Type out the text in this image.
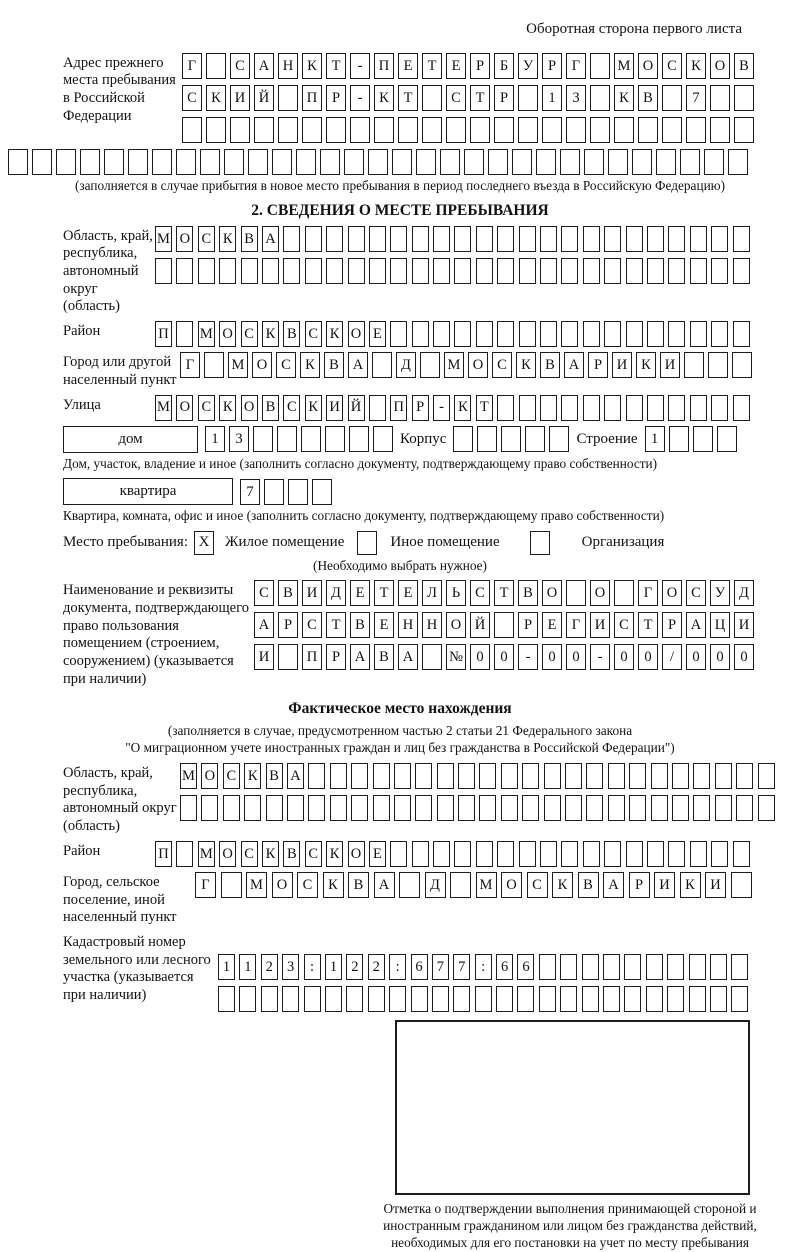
Оборотная сторона первого листа
Адрес прежнего места пребывания в Российской Федерации
Г	С А Н К	Т	-	П Е	Т	Е	Р	Б	У	Р	Г	М О С К О В
С К И Й	П	Р	-	К	Т	С	Т	Р	1	3	К В	7
(заполняется в случае прибытия в новое место пребывания в период последнего въезда в Российскую Федерацию)
2. СВЕДЕНИЯ О МЕСТЕ ПРЕБЫВАНИЯ
Область, край, республика, автономный округ (область)
М О С К В А
Район	П М О С К В С К О Е
Город или другой населенный пункт
Г	М О С К В А	Д	М О С К В А	Р	И К И
Улица	М О С К О В С К И Й П Р	- К Т
дом	1	3	Корпус	Строение 1
Дом, участок, владение и иное (заполнить согласно документу, подтверждающему право собственности)
квартира	7
Квартира, комната, офис и иное (заполнить согласно документу, подтверждающему право собственности)
Место пребывания: X	Жилое помещение	Иное помещение	Организация
(Необходимо выбрать нужное)
Наименование и реквизиты документа, подтверждающего право пользования помещением (строением, сооружением) (указывается при наличии)
С В И Д	Е	Т	Е	Л	Ь	С	Т	В О	О	Г	О С У Д
А	Р	С	Т	В	Е Н Н О Й	Р	Е	Г	И С	Т	Р	А Ц И
И	П	Р	А В А	№ 0	0	-	0	0	-	0	0	/	0	0	0
Фактическое место нахождения
(заполняется в случае, предусмотренном частью 2 статьи 21 Федерального закона
"О миграционном учете иностранных граждан и лиц без гражданства в Российской Федерации")
Область, край, республика, автономный округ (область)
М О С К В А
Район	П М О С К В С К О Е
Город, сельское поселение, иной населенный пункт
Г	М О	С	К	В	А	Д	М О	С	К	В	А	Р	И	К	И
Кадастровый номер земельного или лесного участка (указывается при наличии)
1 1 2 3	:	1 2 2	:	6 7 7	:	6 6
Отметка о подтверждении выполнения принимающей стороной и иностранным гражданином или лицом без гражданства действий, необходимых для его постановки на учет по месту пребывания
